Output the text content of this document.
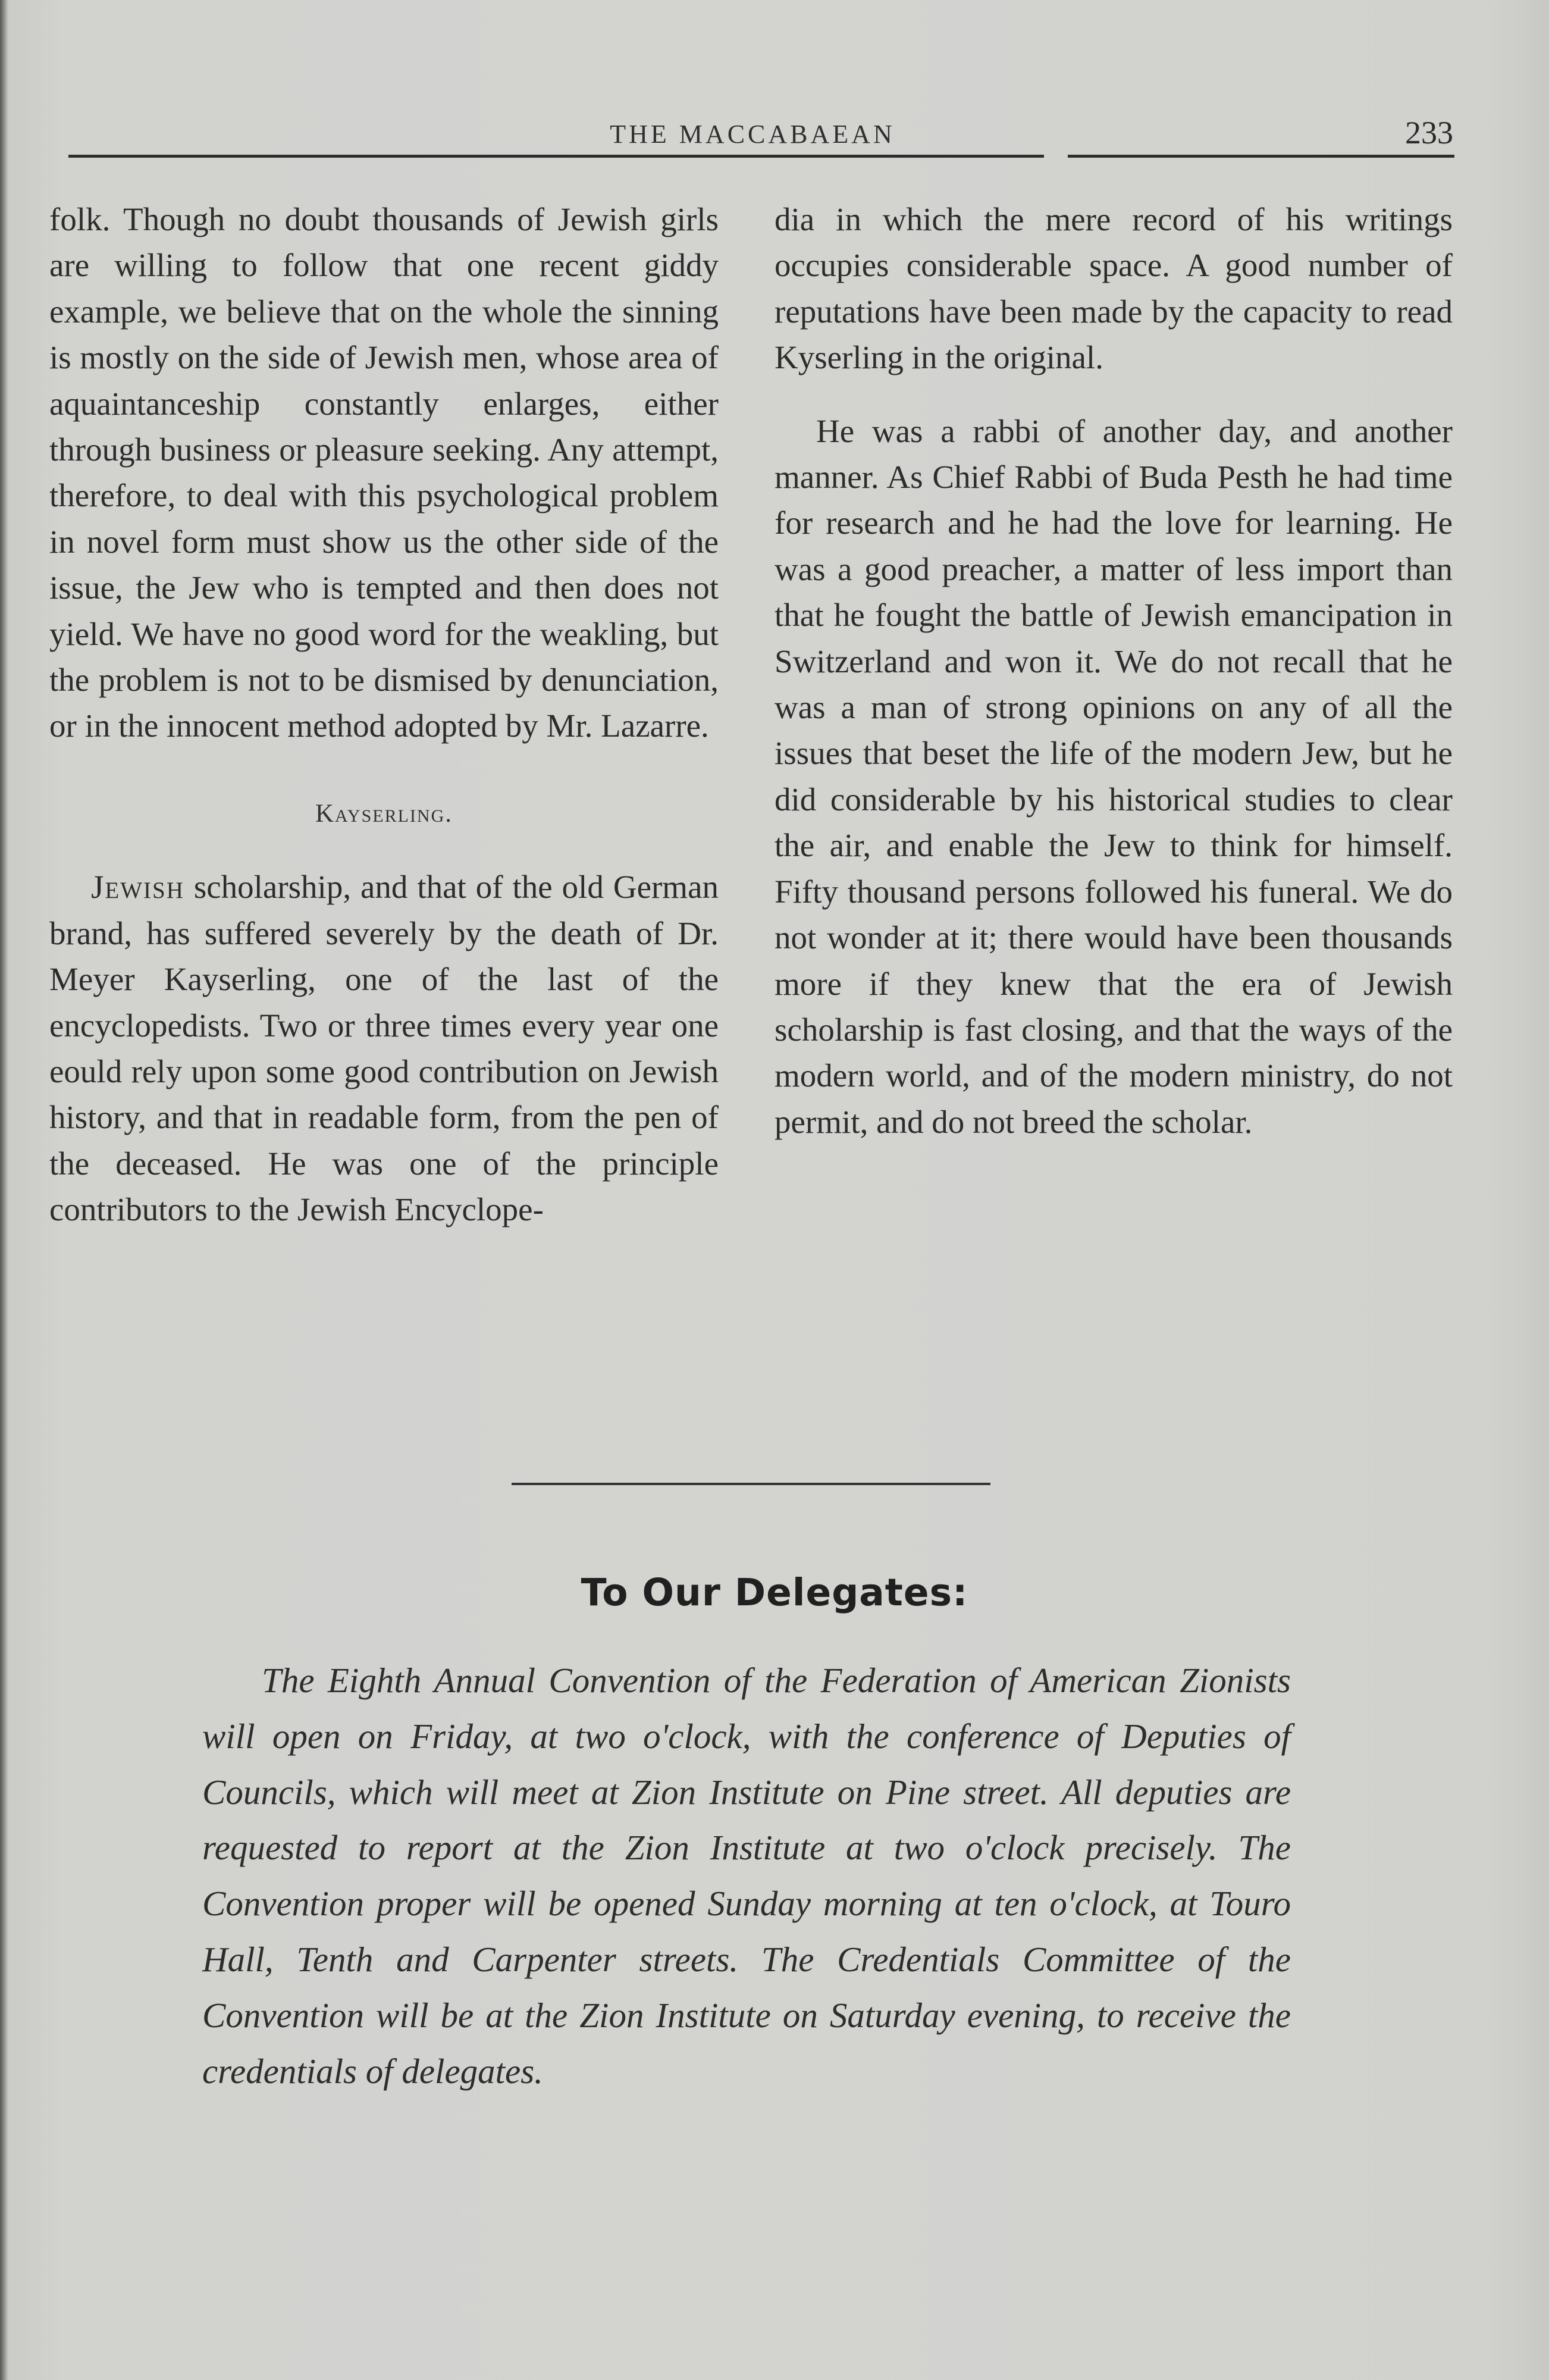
THE MACCABAEAN	233

folk. Though no doubt thousands of Jewish girls are willing to follow that one recent giddy example, we believe that on the whole the sinning is mostly on the side of Jewish men, whose area of aquaintanceship constantly enlarges, either through business or pleasure seeking. Any attempt, therefore, to deal with this psychological problem in novel form must show us the other side of the issue, the Jew who is tempted and then does not yield. We have no good word for the weakling, but the problem is not to be dismised by denunciation, or in the innocent method adopted by Mr. Lazarre.

Kayserling.

Jewish scholarship, and that of the old German brand, has suffered severely by the death of Dr. Meyer Kayserling, one of the last of the encyclopedists. Two or three times every year one eould rely upon some good contribution on Jewish history, and that in readable form, from the pen of the deceased. He was one of the principle contributors to the Jewish Encyclope-

dia in which the mere record of his writings occupies considerable space. A good number of reputations have been made by the capacity to read Kyserling in the original.

He was a rabbi of another day, and another manner. As Chief Rabbi of Buda Pesth he had time for research and he had the love for learning. He was a good preacher, a matter of less import than that he fought the battle of Jewish emancipation in Switzerland and won it. We do not recall that he was a man of strong opinions on any of all the issues that beset the life of the modern Jew, but he did considerable by his historical studies to clear the air, and enable the Jew to think for himself. Fifty thousand persons followed his funeral. We do not wonder at it; there would have been thousands more if they knew that the era of Jewish scholarship is fast closing, and that the ways of the modern world, and of the modern ministry, do not permit, and do not breed the scholar.

To Our Delegates:

The Eighth Annual Convention of the Federation of American Zionists will open on Friday, at two o'clock, with the conference of Deputies of Councils, which will meet at Zion Institute on Pine street. All deputies are requested to report at the Zion Institute at two o'clock precisely. The Convention proper will be opened Sunday morning at ten o'clock, at Touro Hall, Tenth and Carpenter streets. The Credentials Committee of the Convention will be at the Zion Institute on Saturday evening, to receive the credentials of delegates.
